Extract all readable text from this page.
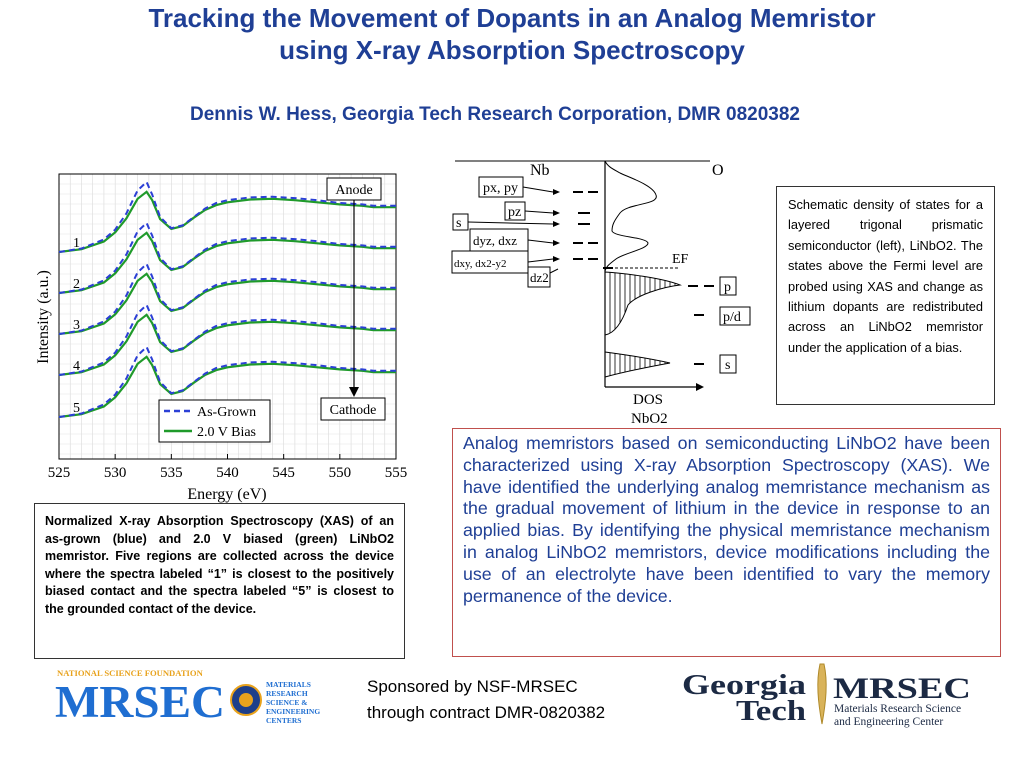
Tracking the Movement of Dopants in an Analog Memristor
using X-ray Absorption Spectroscopy
Dennis W. Hess, Georgia Tech Research Corporation, DMR 0820382
1
2
3
4
5
525 530 535 540 545 550 555
Anode
Cathode
As-Grown
2.0 V Bias
Energy (eV)
Intensity (a.u.)
Nb	O
px, py
pz
s
dyz, dxz
dxy, dx2-y2
dz2
EF
p
p/d
s
DOS
NbO2
Schematic density of states for a layered trigonal prismatic semiconductor (left), LiNbO2. The states above the Fermi level are probed using XAS and change as lithium dopants are redistributed across an LiNbO2 memristor under the application of a bias.
Normalized X-ray Absorption Spectroscopy (XAS) of an as-grown (blue) and 2.0 V biased (green) LiNbO2 memristor. Five regions are collected across the device where the spectra labeled “1” is closest to the positively biased contact and the spectra labeled “5” is closest to the grounded contact of the device.
Analog memristors based on semiconducting LiNbO2 have been characterized using X-ray Absorption Spectroscopy (XAS). We have identified the underlying analog memristance mechanism as the gradual movement of lithium in the device in response to an applied bias. By identifying the physical memristance mechanism in analog LiNbO2 memristors, device modifications including the use of an electrolyte have been identified to vary the memory permanence of the device.
Sponsored by NSF-MRSEC
through contract DMR-0820382
NATIONAL SCIENCE FOUNDATION
MRSEC	MATERIALS
RESEARCH
SCIENCE &
ENGINEERING
CENTERS
Georgia
Tech
MRSEC
Materials Research Science
and Engineering Center
